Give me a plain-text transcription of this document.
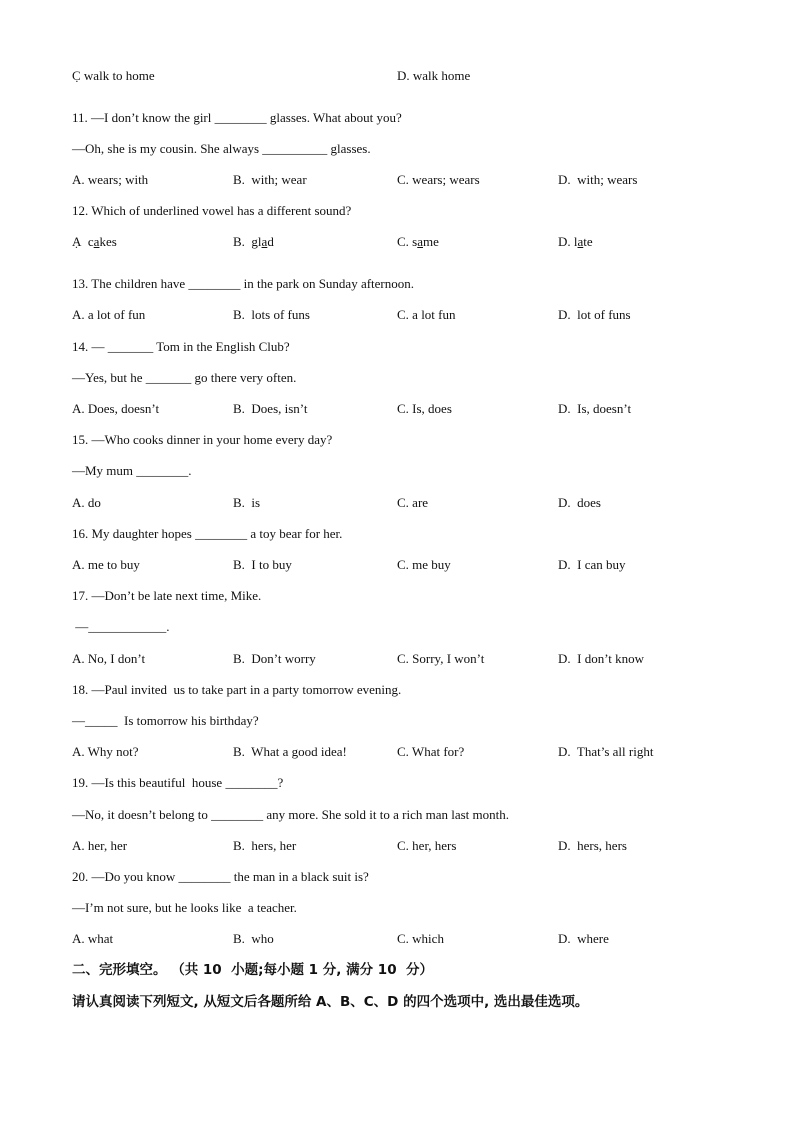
C̣ walk to home	D. walk home
11. —I don’t know the girl ________ glasses. What about you?
—Oh, she is my cousin. She always __________ glasses.
A. wears; with	B.  with; wear	C. wears; wears	D.  with; wears
12. Which of underlined vowel has a different sound?
Ạ  cakes	B.  glad	C. same	D. late
13. The children have ________ in the park on Sunday afternoon.
A. a lot of fun	B.  lots of funs	C. a lot fun	D.  lot of funs
14. — _______ Tom in the English Club?
—Yes, but he _______ go there very often.
A. Does, doesn’t	B.  Does, isn’t	C. Is, does	D.  Is, doesn’t
15. —Who cooks dinner in your home every day?
—My mum ________.
A. do	B.  is	C. are	D.  does
16. My daughter hopes ________ a toy bear for her.
A. me to buy	B.  I to buy	C. me buy	D.  I can buy
17. —Don’t be late next time, Mike.
—____________.
A. No, I don’t	B.  Don’t worry	C. Sorry, I won’t	D.  I don’t know
18. —Paul invited  us to take part in a party tomorrow evening.
—_____  Is tomorrow his birthday?
A. Why not?	B.  What a good idea!	C. What for?	D.  That’s all right
19. —Is this beautiful  house ________?
—No, it doesn’t belong to ________ any more. She sold it to a rich man last month.
A. her, her	B.  hers, her	C. her, hers	D.  hers, hers
20. —Do you know ________ the man in a black suit is?
—I’m not sure, but he looks like  a teacher.
A. what	B.  who	C. which	D.  where
二、完形填空。 （共 10  小题;每小题 1 分, 满分 10  分）
请认真阅读下列短文, 从短文后各题所给 A、B、C、D 的四个选项中, 选出最佳选项。
